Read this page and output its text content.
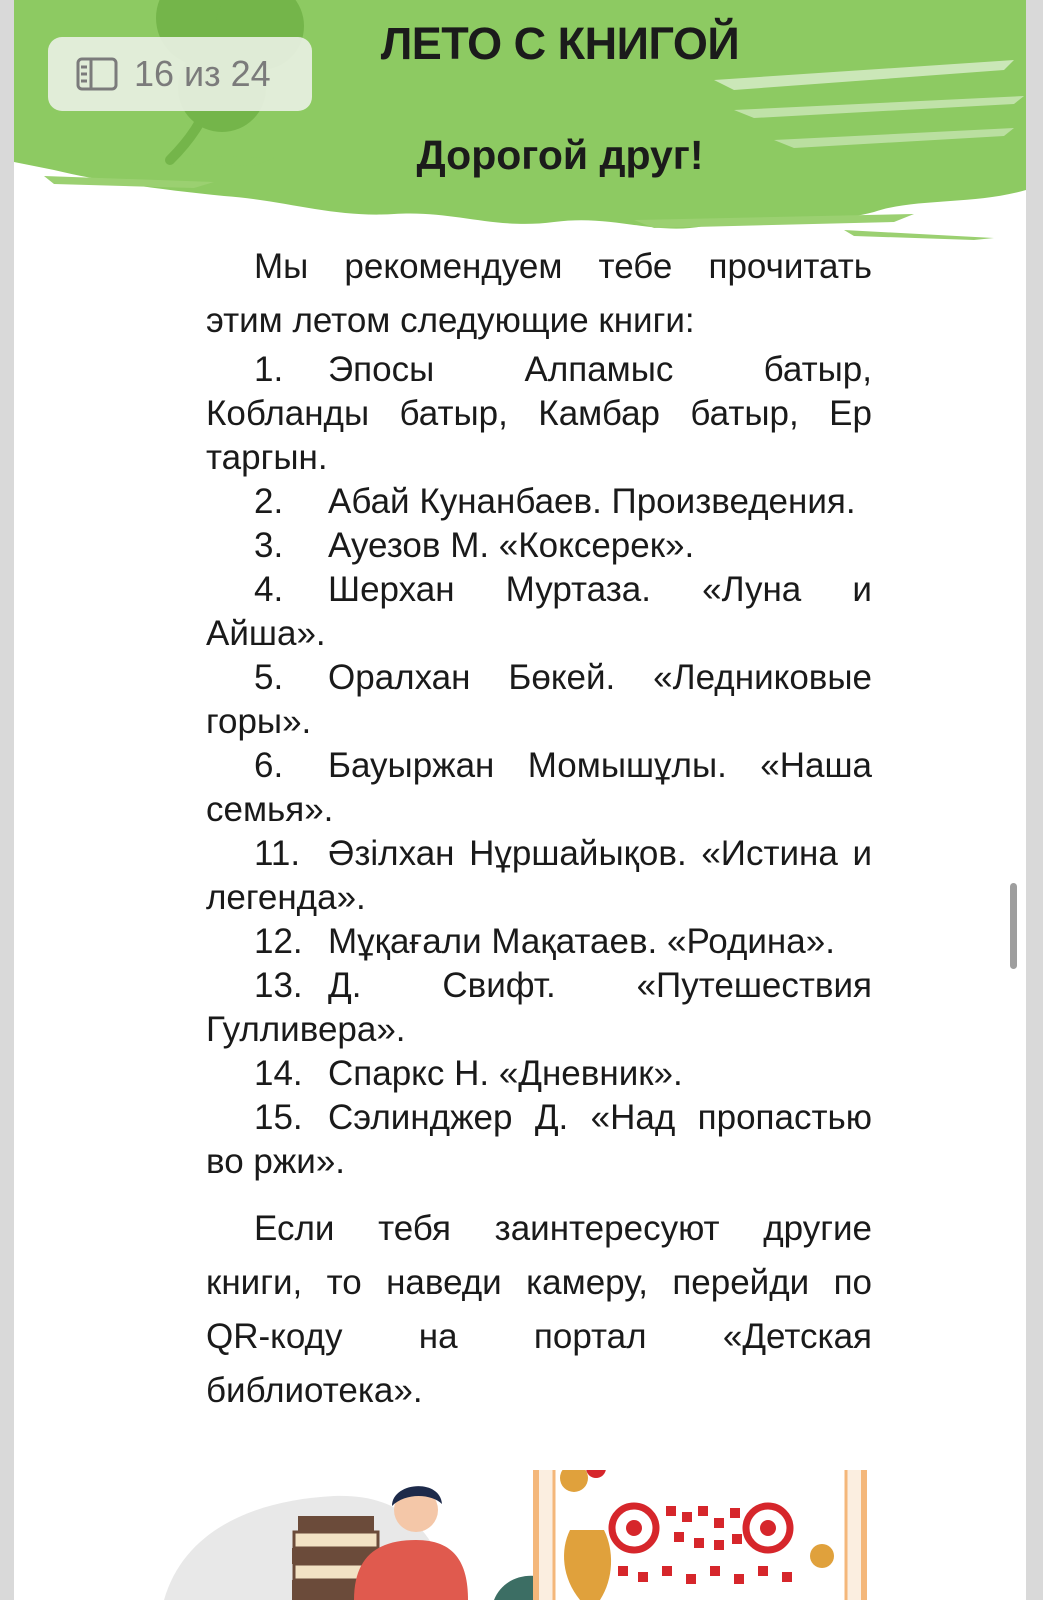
16 из 24
ЛЕТО С КНИГОЙ
Дорогой друг!

Мы рекомендуем тебе прочитать этим летом следующие книги:

1. Эпосы Алпамыс батыр, Кобланды батыр, Камбар батыр, Ер таргын.
2. Абай Кунанбаев. Произведения.
3. Ауезов М. «Коксерек».
4. Шерхан Муртаза. «Луна и Айша».
5. Оралхан Бөкей. «Ледниковые горы».
6. Бауыржан Момышұлы. «Наша семья».
11. Әзілхан Нұршайықов. «Истина и легенда».
12. Мұқағали Мақатаев. «Родина».
13. Д. Свифт. «Путешествия Гулливера».
14. Спаркс Н. «Дневник».
15. Сэлинджер Д. «Над пропастью во ржи».

Если тебя заинтересуют другие книги, то наведи камеру, перейди по QR-коду на портал «Детская библиотека».
